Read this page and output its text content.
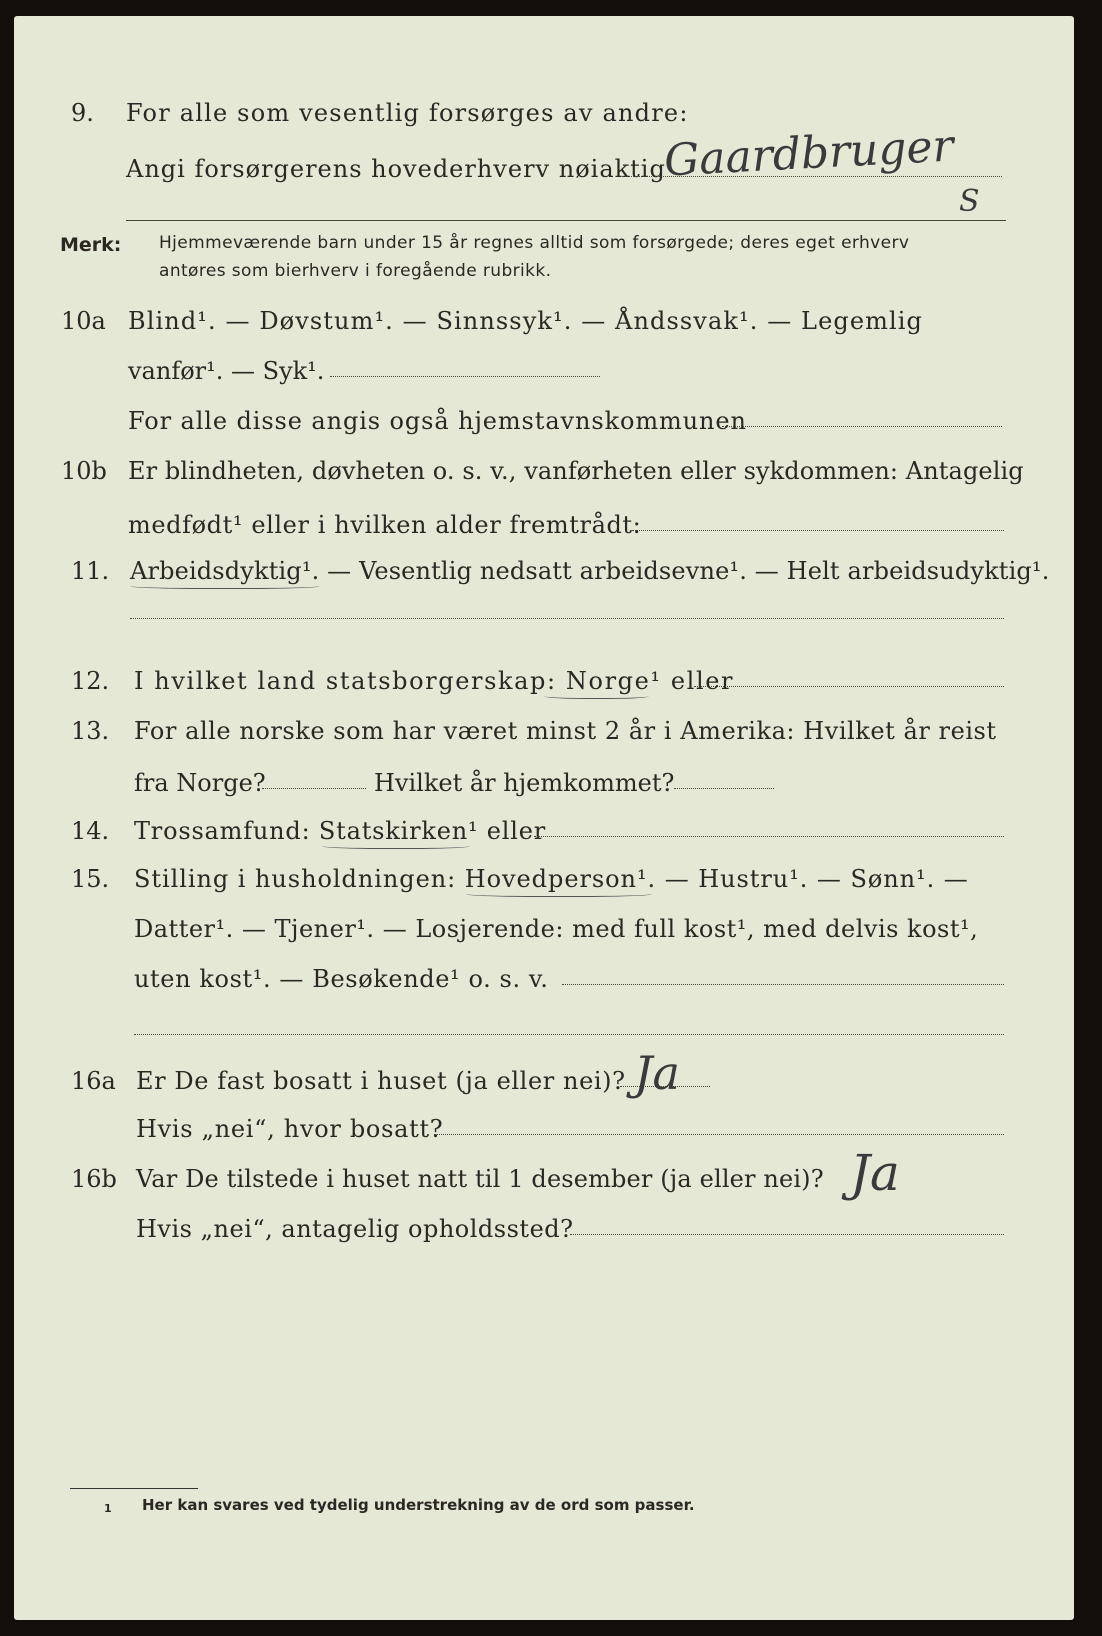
9. For alle som vesentlig forsørges av andre:
Angi forsørgerens hovederhverv nøiaktig
Gaardbruger
S
Merk: Hjemmeværende barn under 15 år regnes alltid som forsørgede; deres eget erhverv
antøres som bierhverv i foregående rubrikk.
10a Blind¹. — Døvstum¹. — Sinnssyk¹. — Åndssvak¹. — Legemlig
vanfør¹. — Syk¹.
For alle disse angis også hjemstavnskommunen
10b Er blindheten, døvheten o. s. v., vanførheten eller sykdommen: Antagelig
medfødt¹ eller i hvilken alder fremtrådt:
11. Arbeidsdyktig¹. — Vesentlig nedsatt arbeidsevne¹. — Helt arbeidsudyktig¹.
12. I hvilket land statsborgerskap: Norge¹ eller
13. For alle norske som har været minst 2 år i Amerika: Hvilket år reist
fra Norge?	Hvilket år hjemkommet?
14. Trossamfund: Statskirken¹ eller
15. Stilling i husholdningen: Hovedperson¹. — Hustru¹. — Sønn¹. —
Datter¹. — Tjener¹. — Losjerende: med full kost¹, med delvis kost¹,
uten kost¹. — Besøkende¹ o. s. v.
16a Er De fast bosatt i huset (ja eller nei)? Ja
Hvis „nei“, hvor bosatt?
16b Var De tilstede i huset natt til 1 desember (ja eller nei)? Ja
Hvis „nei“, antagelig opholdssted?
1 Her kan svares ved tydelig understrekning av de ord som passer.
